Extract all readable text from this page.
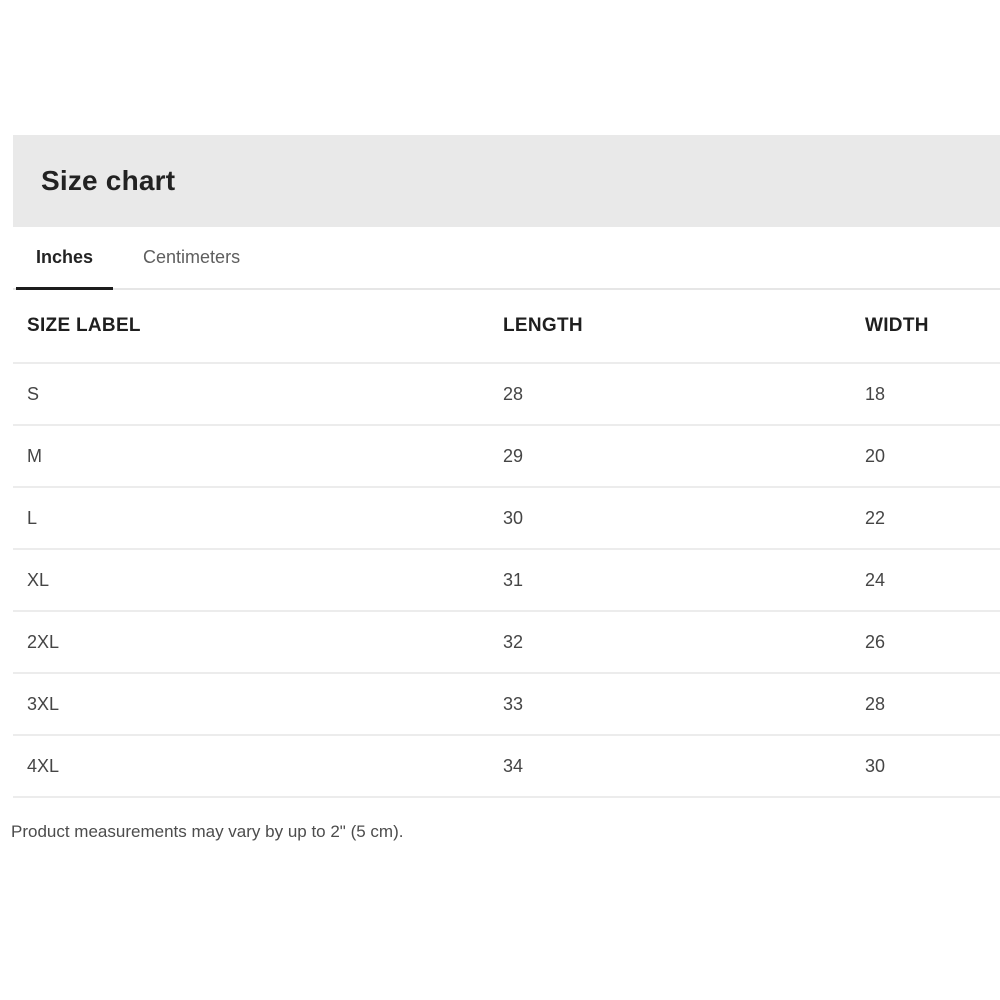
Size chart
Inches	Centimeters
SIZE LABEL	LENGTH	WIDTH
S	28	18
M	29	20
L	30	22
XL	31	24
2XL	32	26
3XL	33	28
4XL	34	30

Product measurements may vary by up to 2" (5 cm).
